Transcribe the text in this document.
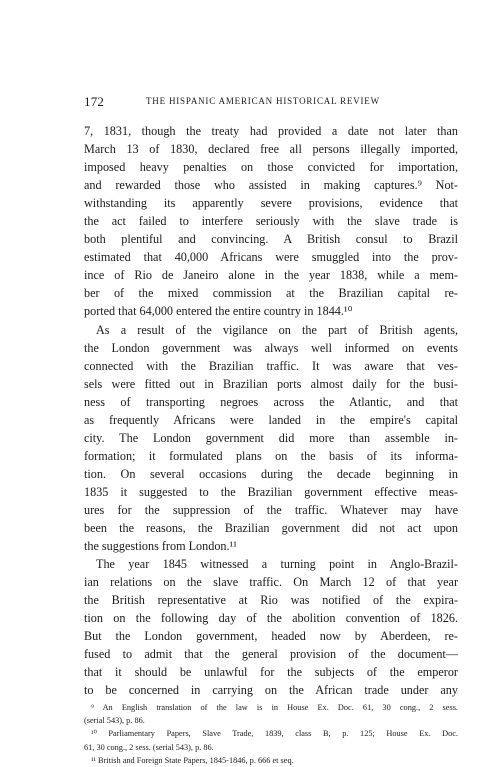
172	THE HISPANIC AMERICAN HISTORICAL REVIEW
7, 1831, though the treaty had provided a date not later than
March 13 of 1830, declared free all persons illegally imported,
imposed heavy penalties on those convicted for importation,
and rewarded those who assisted in making captures.⁹ Not-
withstanding its apparently severe provisions, evidence that
the act failed to interfere seriously with the slave trade is
both plentiful and convincing. A British consul to Brazil
estimated that 40,000 Africans were smuggled into the prov-
ince of Rio de Janeiro alone in the year 1838, while a mem-
ber of the mixed commission at the Brazilian capital re-
ported that 64,000 entered the entire country in 1844.¹⁰
As a result of the vigilance on the part of British agents,
the London government was always well informed on events
connected with the Brazilian traffic. It was aware that ves-
sels were fitted out in Brazilian ports almost daily for the busi-
ness of transporting negroes across the Atlantic, and that
as frequently Africans were landed in the empire's capital
city. The London government did more than assemble in-
formation; it formulated plans on the basis of its informa-
tion. On several occasions during the decade beginning in
1835 it suggested to the Brazilian government effective meas-
ures for the suppression of the traffic. Whatever may have
been the reasons, the Brazilian government did not act upon
the suggestions from London.¹¹
The year 1845 witnessed a turning point in Anglo-Brazil-
ian relations on the slave traffic. On March 12 of that year
the British representative at Rio was notified of the expira-
tion on the following day of the abolition convention of 1826.
But the London government, headed now by Aberdeen, re-
fused to admit that the general provision of the document—
that it should be unlawful for the subjects of the emperor
to be concerned in carrying on the African trade under any
⁹ An English translation of the law is in House Ex. Doc. 61, 30 cong., 2 sess.
(serial 543), p. 86.
¹⁰ Parliamentary Papers, Slave Trade, 1839, class B, p. 125; House Ex. Doc.
61, 30 cong., 2 sess. (serial 543), p. 86.
¹¹ British and Foreign State Papers, 1845-1846, p. 666 et seq.
